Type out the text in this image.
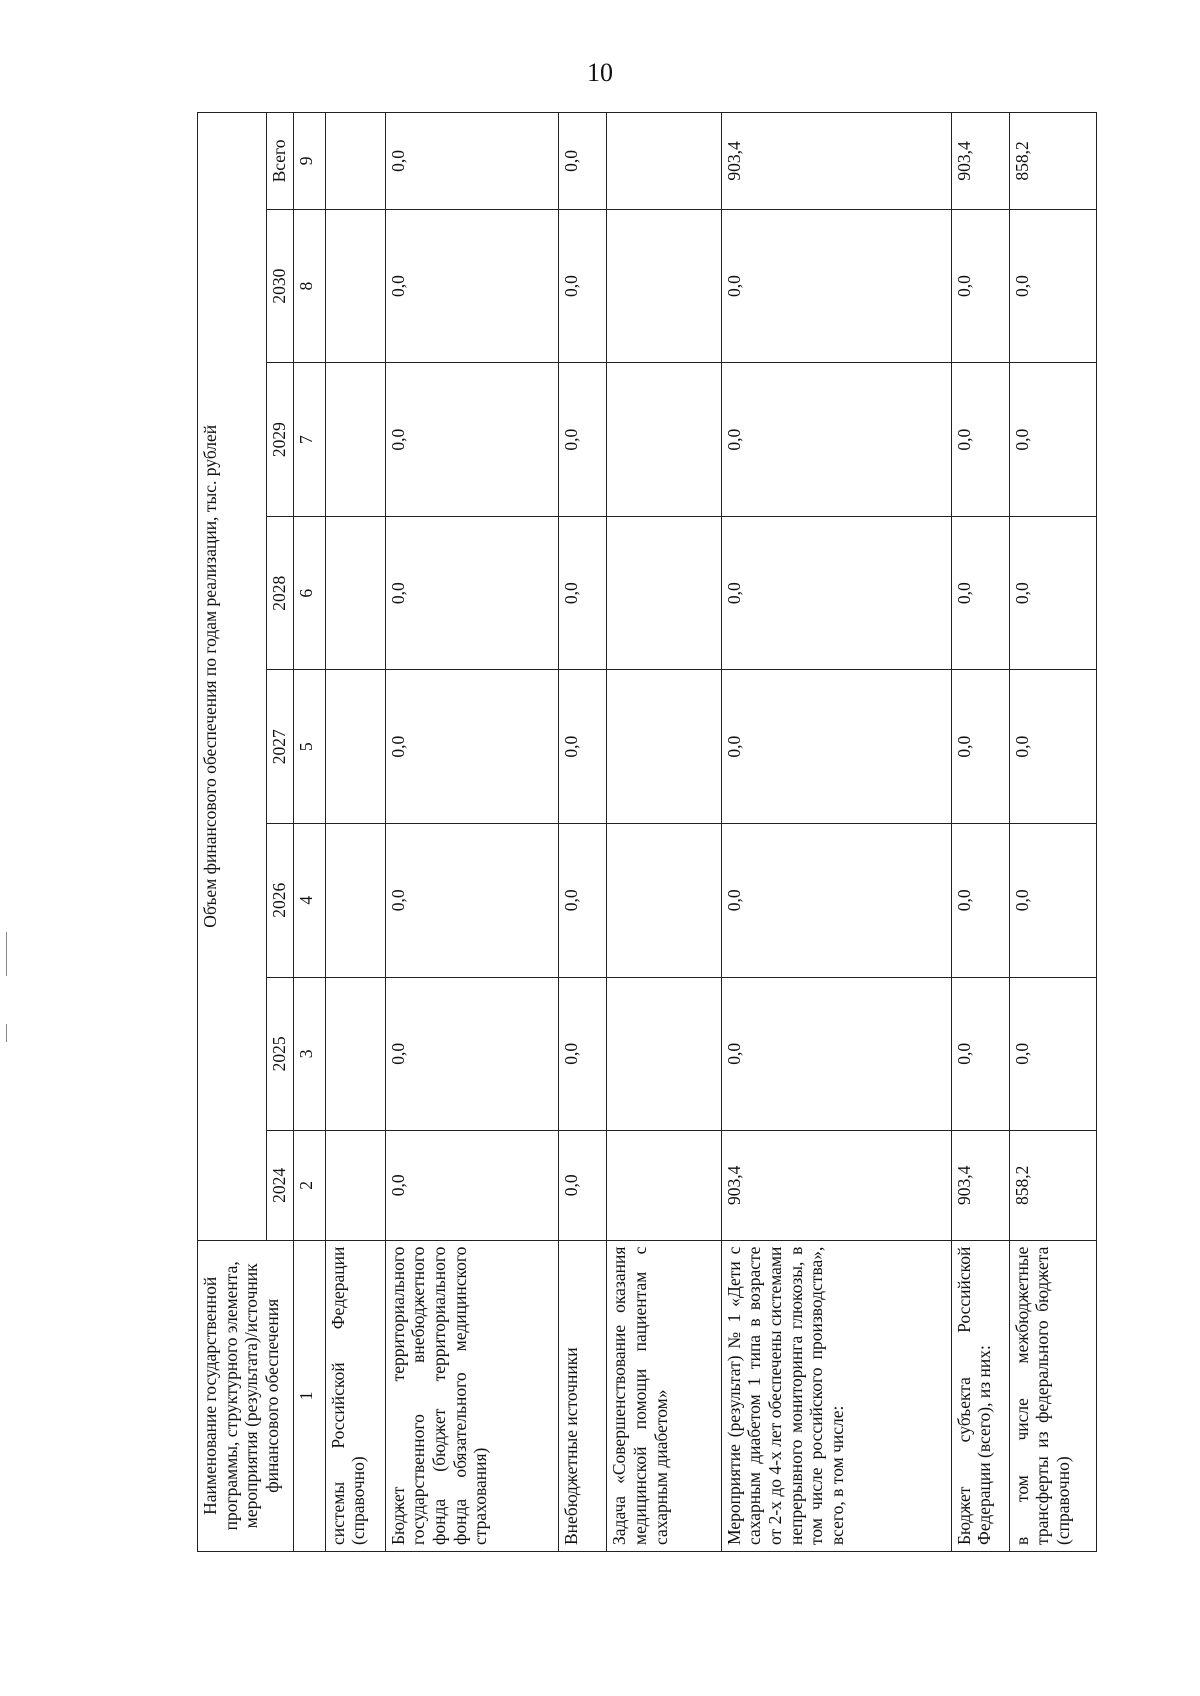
10
Наименование государственной программы, структурного элемента, мероприятия (результата)/источник финансового обеспечения	Объем финансового обеспечения по годам реализации, тыс. рублей							
	2024	2025	2026	2027	2028	2029	2030	Всего
1	2	3	4	5	6	7	8	9
системы Российской Федерации (справочно)								
Бюджет территориального государственного внебюджетного фонда (бюджет территориального фонда обязательного медицинского страхования)	0,0	0,0	0,0	0,0	0,0	0,0	0,0	0,0
Внебюджетные источники	0,0	0,0	0,0	0,0	0,0	0,0	0,0	0,0
Задача «Совершенствование оказания медицинской помощи пациентам с сахарным диабетом»								
Мероприятие (результат) № 1 «Дети с сахарным диабетом 1 типа в возрасте от 2-х до 4-х лет обеспечены системами непрерывного мониторинга глюкозы, в том числе российского производства», всего, в том числе:	903,4	0,0	0,0	0,0	0,0	0,0	0,0	903,4
Бюджет субъекта Российской Федерации (всего), из них:	903,4	0,0	0,0	0,0	0,0	0,0	0,0	903,4
в том числе межбюджетные трансферты из федерального бюджета (справочно)	858,2	0,0	0,0	0,0	0,0	0,0	0,0	858,2
